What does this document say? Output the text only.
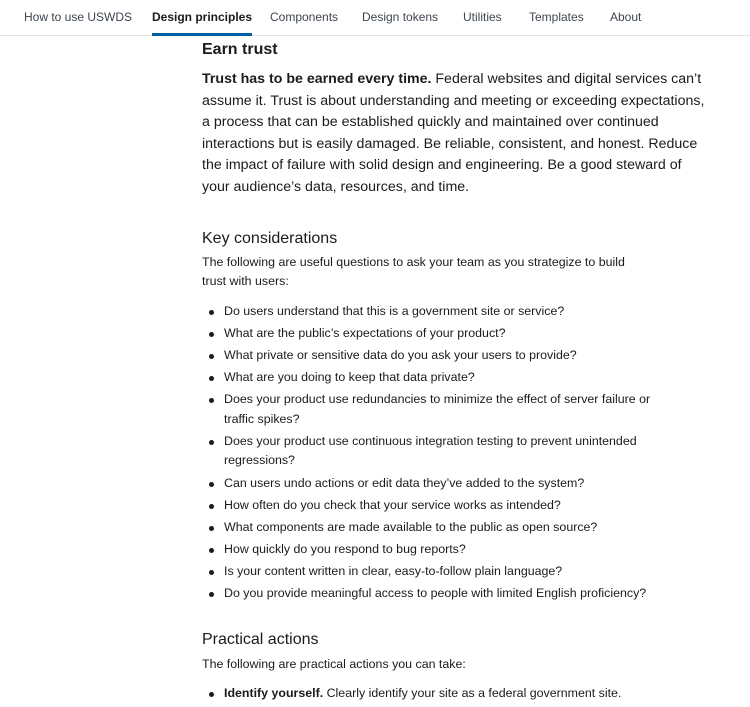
How to use USWDS Design principles Components Design tokens Utilities Templates About
Earn trust

Trust has to be earned every time. Federal websites and digital services can’t assume it. Trust is about understanding and meeting or exceeding expectations, a process that can be established quickly and maintained over continued interactions but is easily damaged. Be reliable, consistent, and honest. Reduce the impact of failure with solid design and engineering. Be a good steward of your audience’s data, resources, and time.

Key considerations

The following are useful questions to ask your team as you strategize to build trust with users:

Do users understand that this is a government site or service?
What are the public’s expectations of your product?
What private or sensitive data do you ask your users to provide?
What are you doing to keep that data private?
Does your product use redundancies to minimize the effect of server failure or traffic spikes?
Does your product use continuous integration testing to prevent unintended regressions?
Can users undo actions or edit data they’ve added to the system?
How often do you check that your service works as intended?
What components are made available to the public as open source?
How quickly do you respond to bug reports?
Is your content written in clear, easy-to-follow plain language?
Do you provide meaningful access to people with limited English proficiency?
Practical actions

The following are practical actions you can take:

Identify yourself. Clearly identify your site as a federal government site.
